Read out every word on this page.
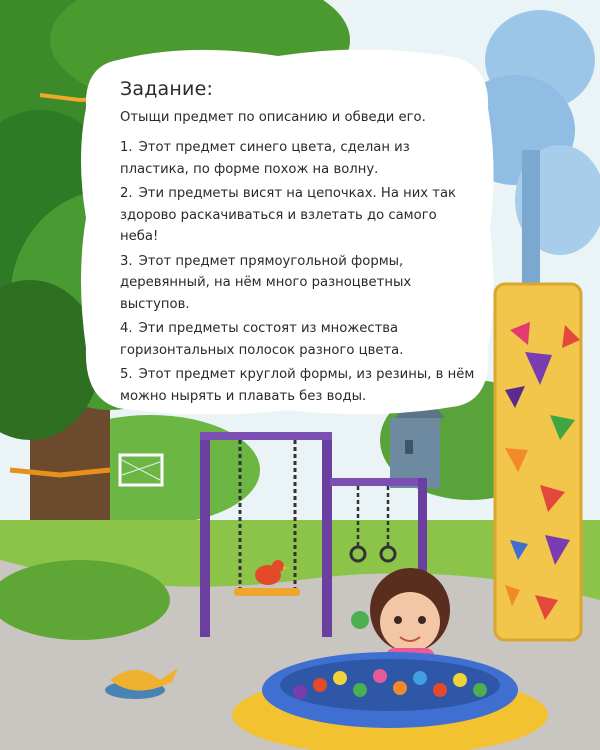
Задание:
Отыщи предмет по описанию и обведи его.
1. Этот предмет синего цвета, сделан из пластика, по форме похож на волну.
2. Эти предметы висят на цепочках. На них так здорово раскачиваться и взлетать до самого неба!
3. Этот предмет прямоугольной формы, деревянный, на нём много разноцветных выступов.
4. Эти предметы состоят из множества горизонтальных полосок разного цвета.
5. Этот предмет круглой формы, из резины, в нём можно нырять и плавать без воды.
